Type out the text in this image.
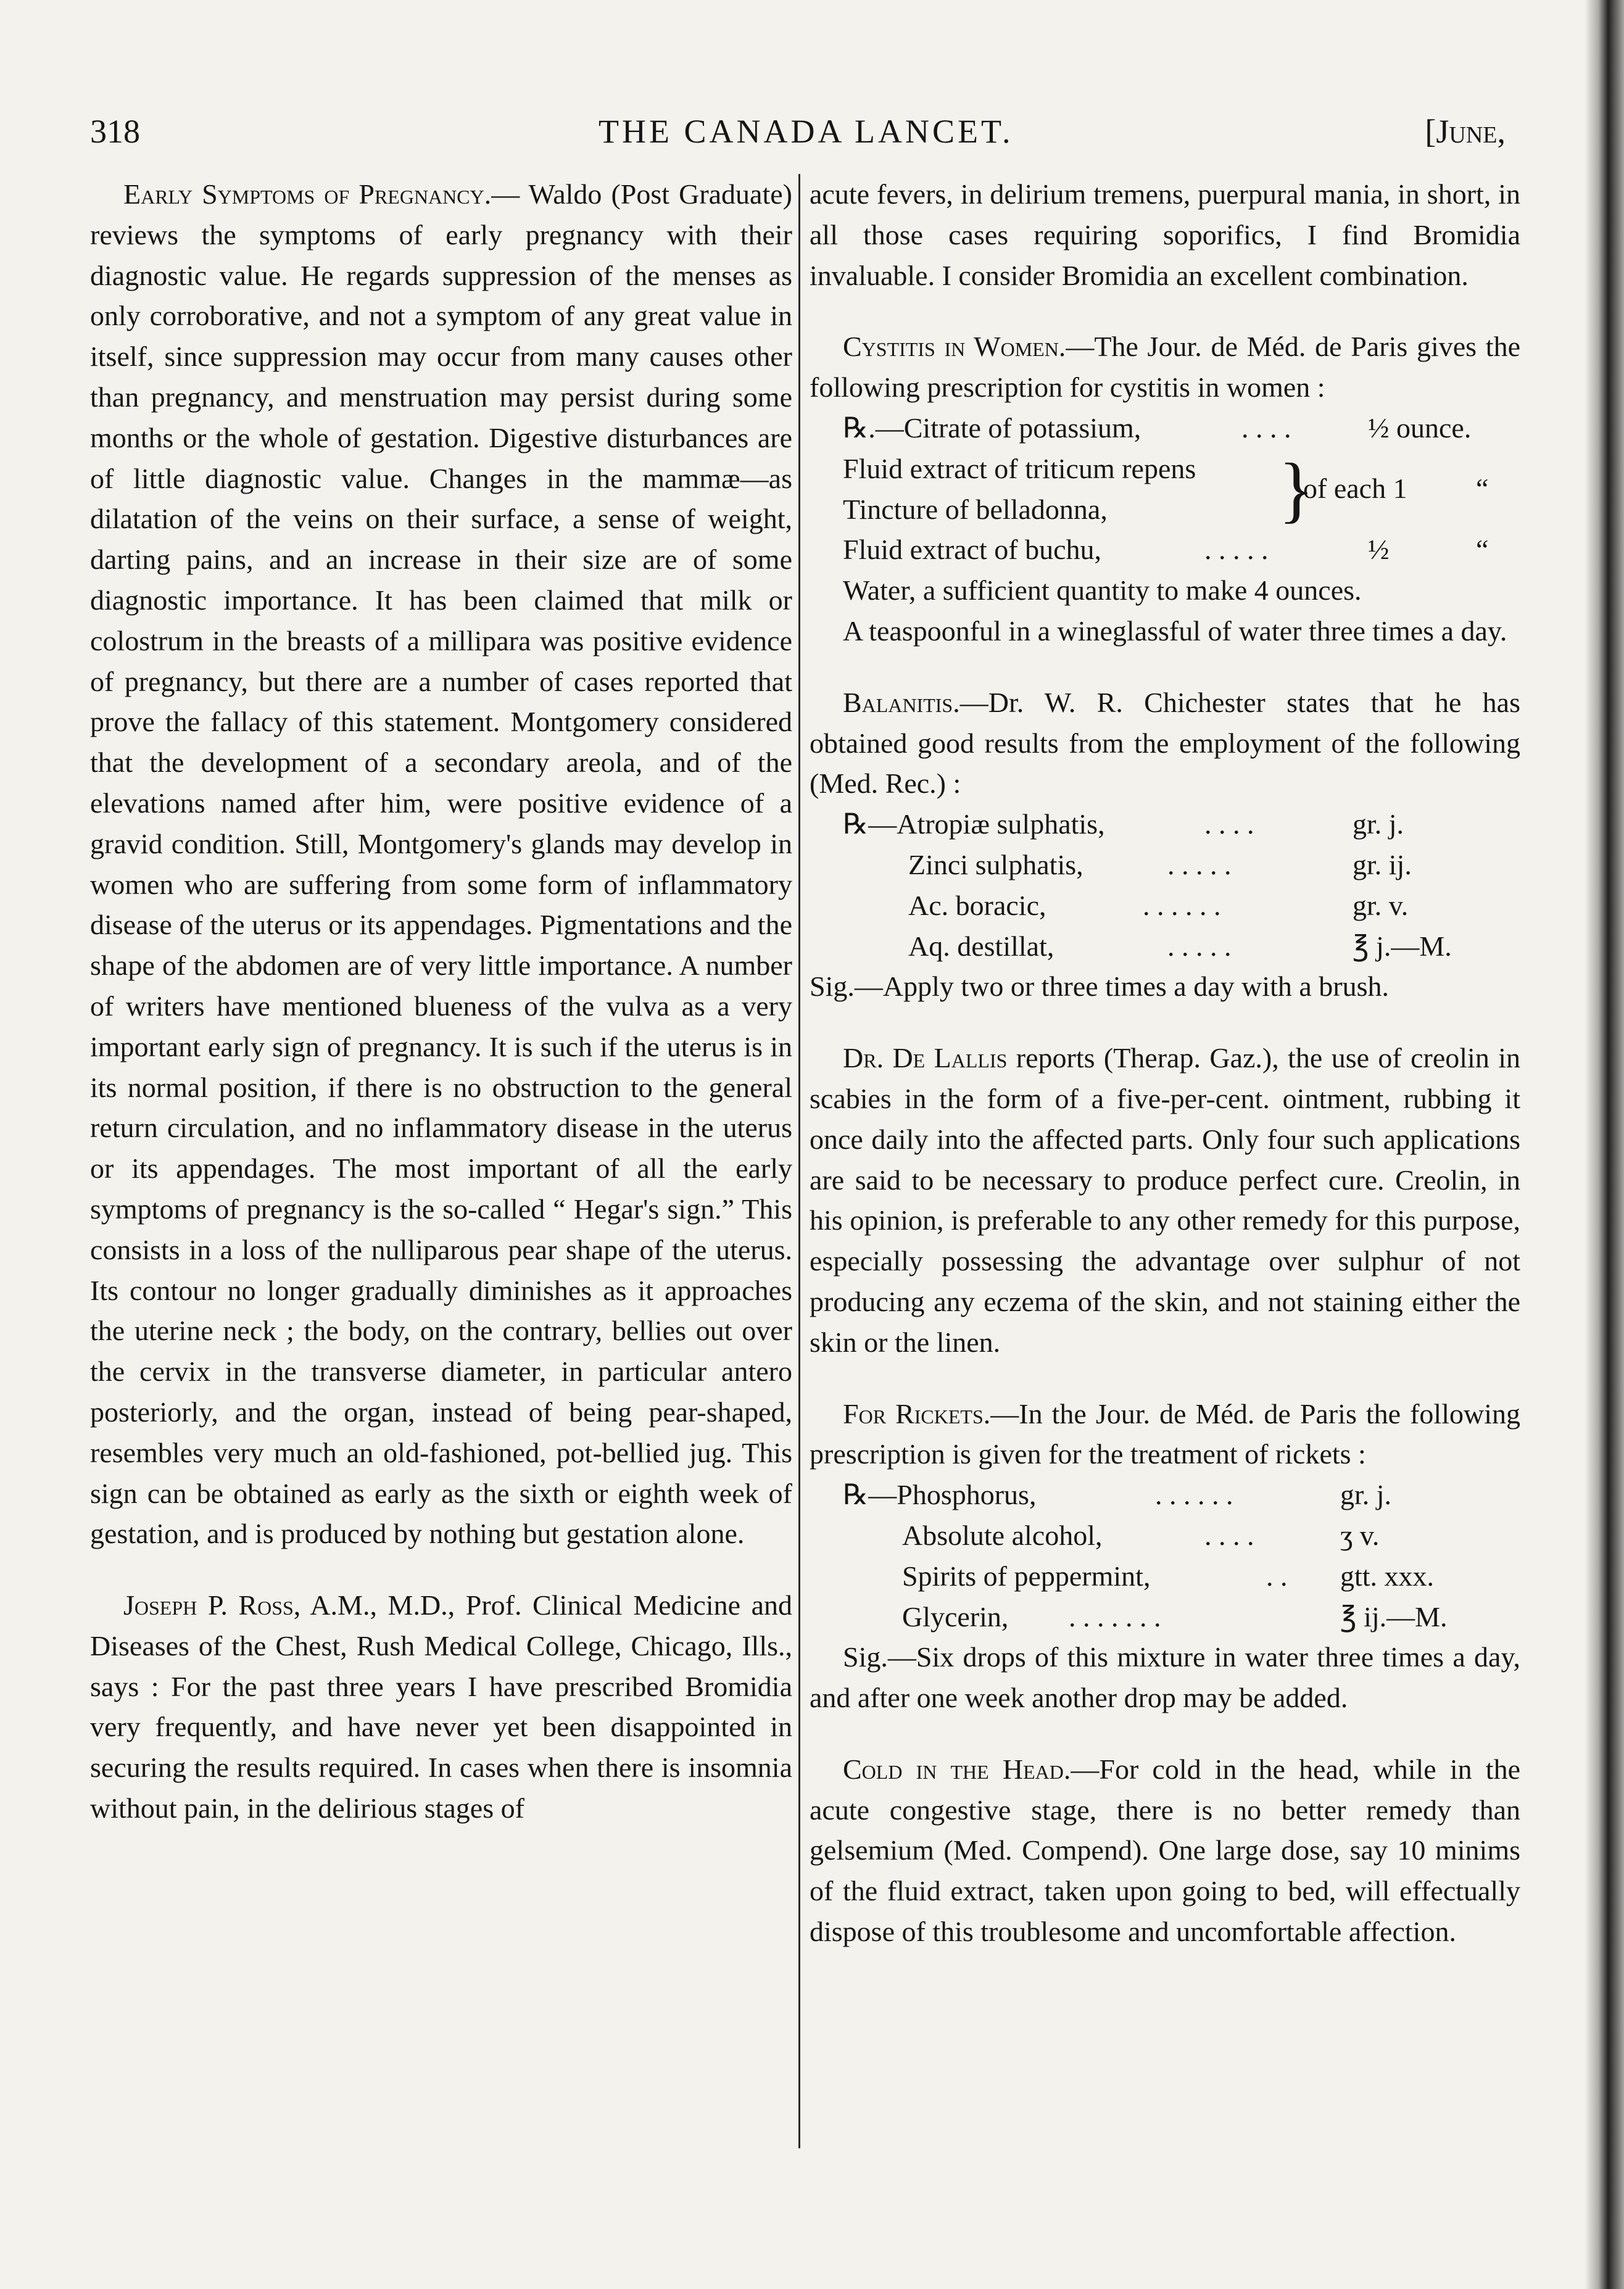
318	THE CANADA LANCET.	[June,

Early Symptoms of Pregnancy.— Waldo (Post Graduate) reviews the symptoms of early pregnancy with their diagnostic value. He regards suppression of the menses as only corroborative, and not a symptom of any great value in itself, since suppression may occur from many causes other than pregnancy, and menstruation may persist during some months or the whole of gestation. Digestive disturbances are of little diagnostic value. Changes in the mammæ—as dilatation of the veins on their surface, a sense of weight, darting pains, and an increase in their size are of some diagnostic importance. It has been claimed that milk or colostrum in the breasts of a millipara was positive evidence of pregnancy, but there are a number of cases reported that prove the fallacy of this statement. Montgomery considered that the development of a secondary areola, and of the elevations named after him, were positive evidence of a gravid condition. Still, Montgomery's glands may develop in women who are suffering from some form of inflammatory disease of the uterus or its appendages. Pigmentations and the shape of the abdomen are of very little importance. A number of writers have mentioned blueness of the vulva as a very important early sign of pregnancy. It is such if the uterus is in its normal position, if there is no obstruction to the general return circulation, and no inflammatory disease in the uterus or its appendages. The most important of all the early symptoms of pregnancy is the so-called “ Hegar's sign.” This consists in a loss of the nulliparous pear shape of the uterus. Its contour no longer gradually diminishes as it approaches the uterine neck ; the body, on the contrary, bellies out over the cervix in the transverse diameter, in particular antero posteriorly, and the organ, instead of being pear-shaped, resembles very much an old-fashioned, pot-bellied jug. This sign can be obtained as early as the sixth or eighth week of gestation, and is produced by nothing but gestation alone.

Joseph P. Ross, A.M., M.D., Prof. Clinical Medicine and Diseases of the Chest, Rush Medical College, Chicago, Ills., says : For the past three years I have prescribed Bromidia very frequently, and have never yet been disappointed in securing the results required. In cases when there is insomnia without pain, in the delirious stages of

acute fevers, in delirium tremens, puerpural mania, in short, in all those cases requiring soporifics, I find Bromidia invaluable. I consider Bromidia an excellent combination.

Cystitis in Women.—The Jour. de Méd. de Paris gives the following prescription for cystitis in women :

℞.—Citrate of potassium,	. . . .	½ ounce.
Fluid extract of triticum repens
Tincture of belladonna, }
of each 1 “
Fluid extract of buchu,	. . . . .	½	“
Water, a sufficient quantity to make 4 ounces.

A teaspoonful in a wineglassful of water three times a day.

Balanitis.—Dr. W. R. Chichester states that he has obtained good results from the employment of the following (Med. Rec.) :

℞—Atropiæ sulphatis,	. . . .	gr. j.
Zinci sulphatis,	. . . . .	gr. ij.
Ac. boracic,	. . . . . .	gr. v.
Aq. destillat,	. . . . .	℥ j.—M.

Sig.—Apply two or three times a day with a brush.

Dr. De Lallis reports (Therap. Gaz.), the use of creolin in scabies in the form of a five-per-cent. ointment, rubbing it once daily into the affected parts. Only four such applications are said to be necessary to produce perfect cure. Creolin, in his opinion, is preferable to any other remedy for this purpose, especially possessing the advantage over sulphur of not producing any eczema of the skin, and not staining either the skin or the linen.

For Rickets.—In the Jour. de Méd. de Paris the following prescription is given for the treatment of rickets :

℞—Phosphorus,	. . . . . .	gr. j.
Absolute alcohol,	. . . .	ʒ v.
Spirits of peppermint,	. . gtt. xxx.
Glycerin, . . . . . . .	℥ ij.—M.

Sig.—Six drops of this mixture in water three times a day, and after one week another drop may be added.

Cold in the Head.—For cold in the head, while in the acute congestive stage, there is no better remedy than gelsemium (Med. Compend). One large dose, say 10 minims of the fluid extract, taken upon going to bed, will effectually dispose of this troublesome and uncomfortable affection.
